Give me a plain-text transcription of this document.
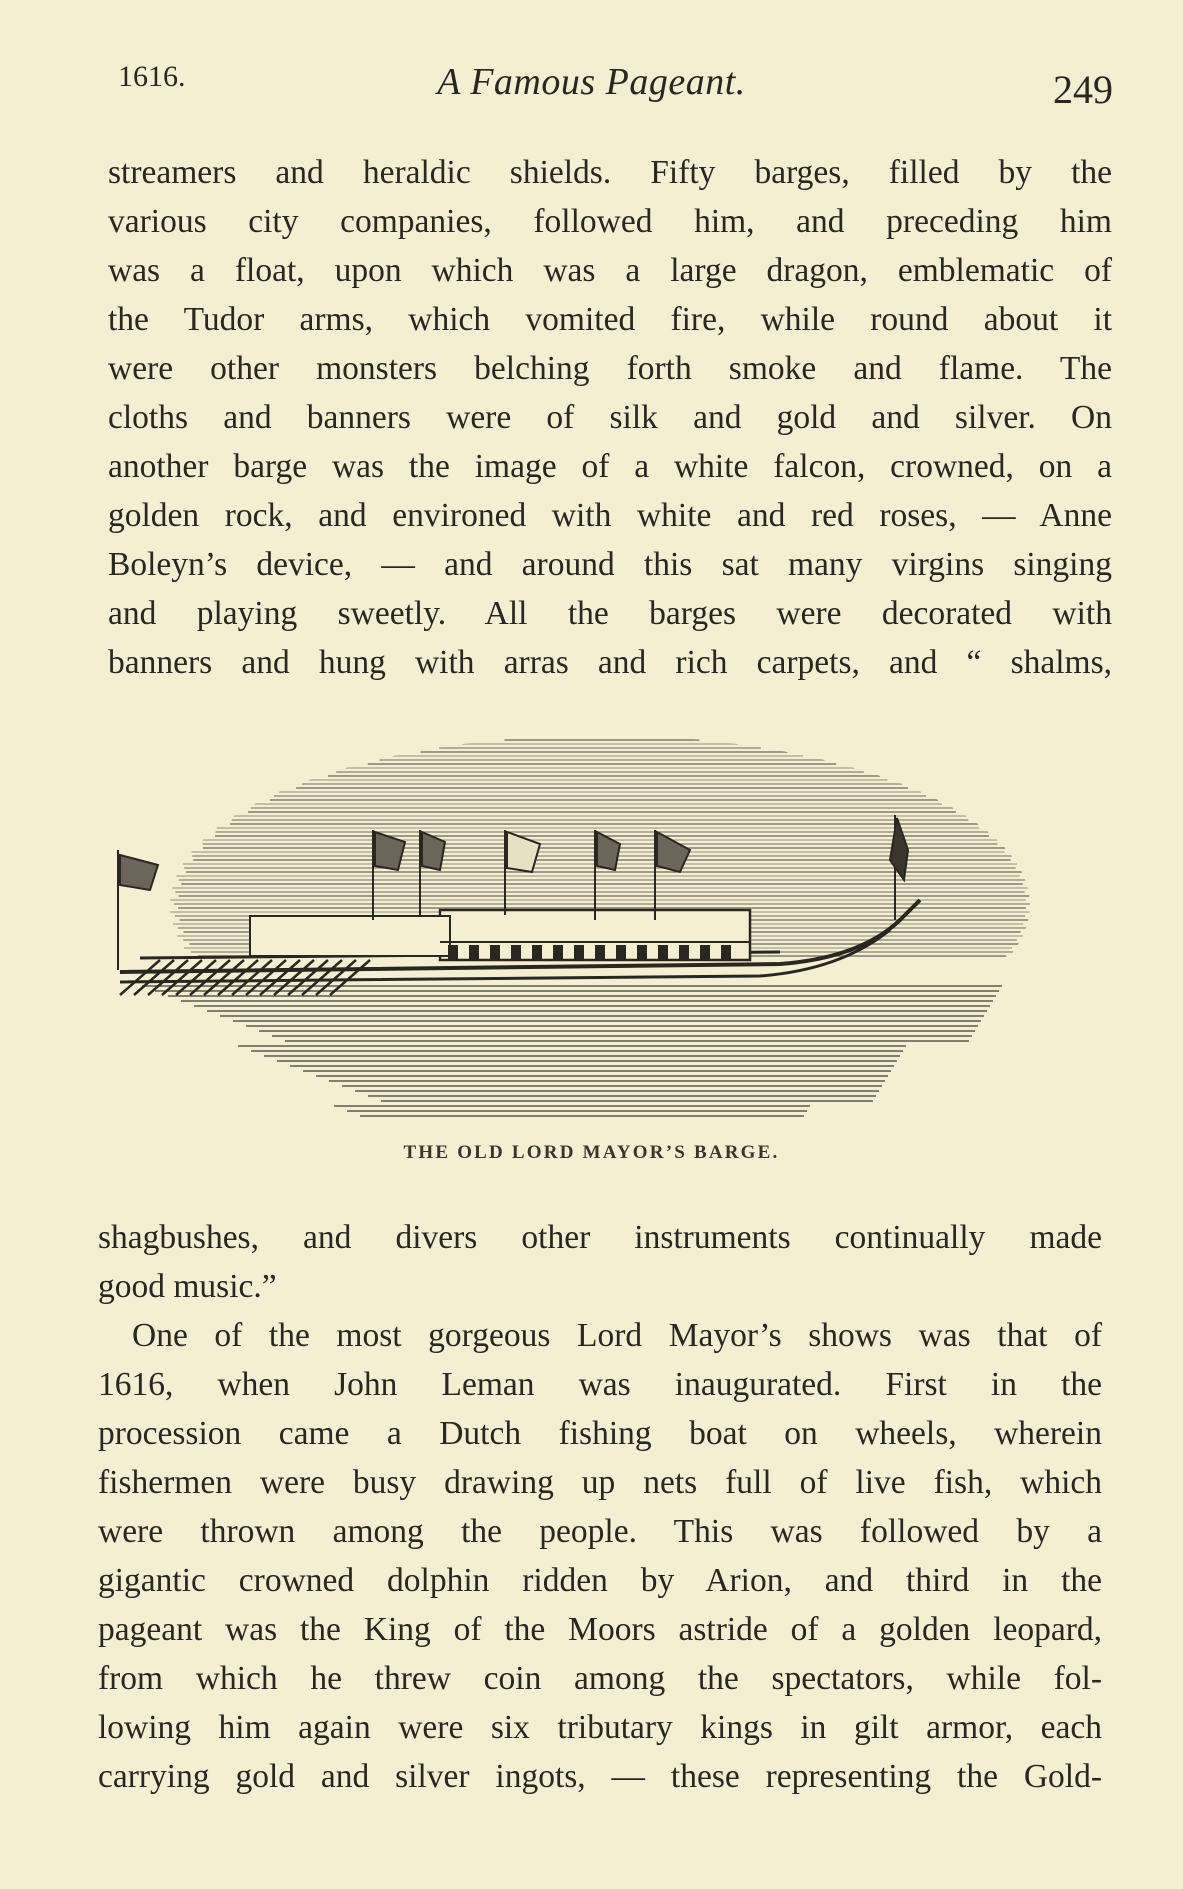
1616.	A Famous Pageant.	249
streamers and heraldic shields. Fifty barges, filled by the
various city companies, followed him, and preceding him
was a float, upon which was a large dragon, emblematic of
the Tudor arms, which vomited fire, while round about it
were other monsters belching forth smoke and flame. The
cloths and banners were of silk and gold and silver. On
another barge was the image of a white falcon, crowned, on a
golden rock, and environed with white and red roses, — Anne
Boleyn’s device, — and around this sat many virgins singing
and playing sweetly. All the barges were decorated with
banners and hung with arras and rich carpets, and “ shalms,
THE OLD LORD MAYOR’S BARGE.
shagbushes, and divers other instruments continually made
good music.”
One of the most gorgeous Lord Mayor’s shows was that of
1616, when John Leman was inaugurated. First in the
procession came a Dutch fishing boat on wheels, wherein
fishermen were busy drawing up nets full of live fish, which
were thrown among the people. This was followed by a
gigantic crowned dolphin ridden by Arion, and third in the
pageant was the King of the Moors astride of a golden leopard,
from which he threw coin among the spectators, while fol-
lowing him again were six tributary kings in gilt armor, each
carrying gold and silver ingots, — these representing the Gold-
